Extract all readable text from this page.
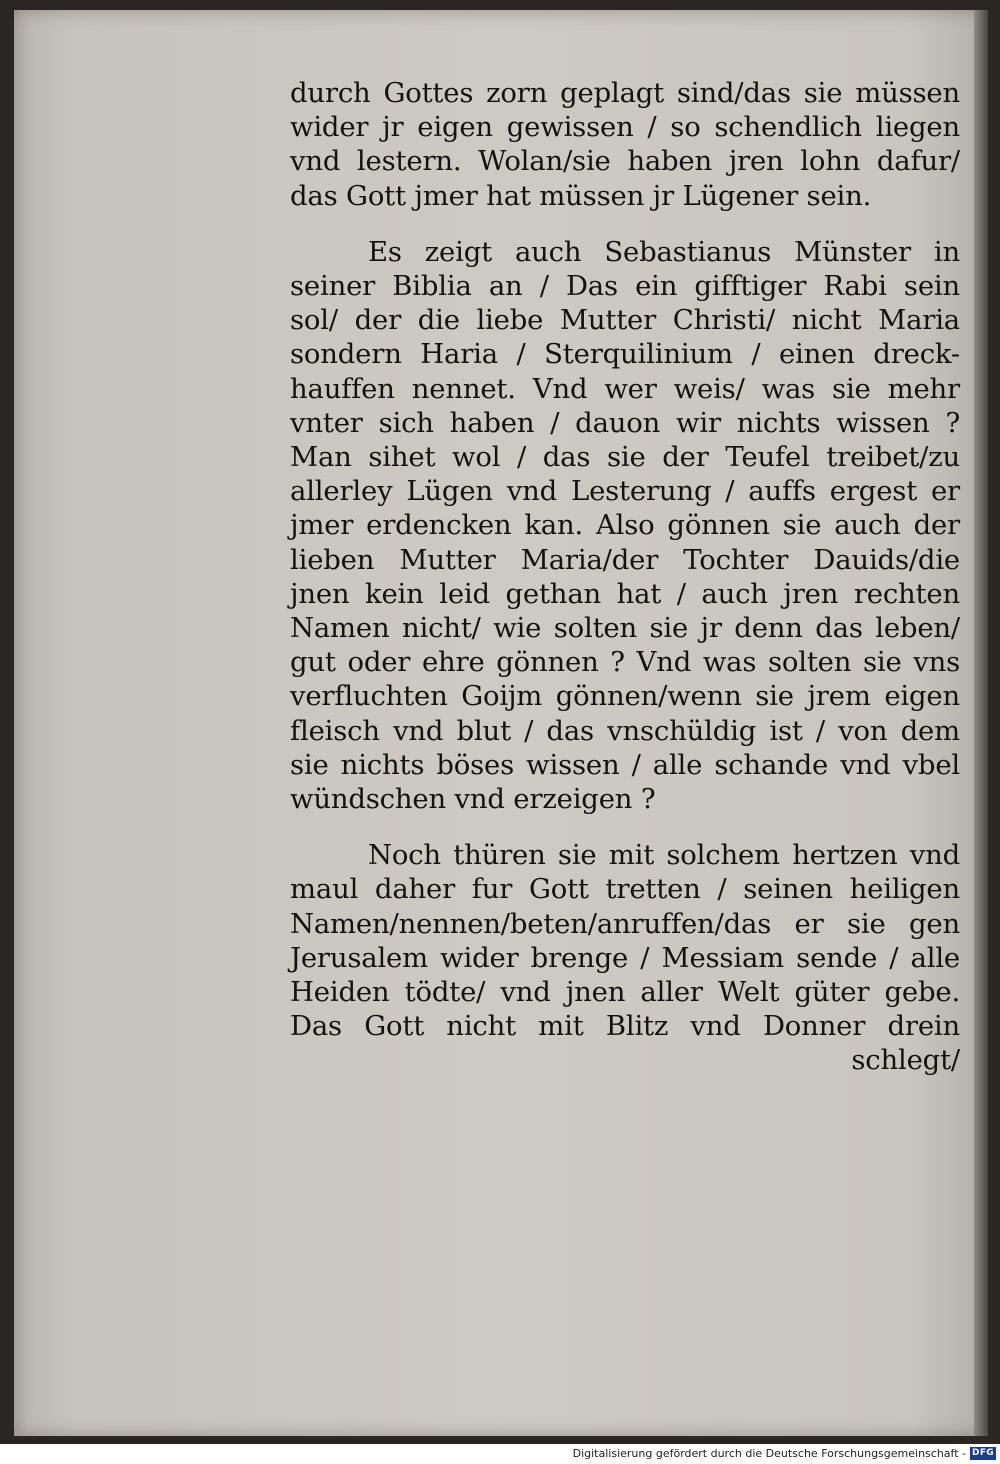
durch Gottes zorn geplagt sind/das sie müssen
wider jr eigen gewissen / so schendlich liegen
vnd lestern. Wolan/sie haben jren lohn dafur/
das Gott jmer hat müssen jr Lügener sein.
Es zeigt auch Sebastianus Münster in
seiner Biblia an / Das ein gifftiger Rabi sein
sol/ der die liebe Mutter Christi/ nicht Maria
sondern Haria / Sterquilinium / einen dreck-
hauffen nennet. Vnd wer weis/ was sie mehr
vnter sich haben / dauon wir nichts wissen ?
Man sihet wol / das sie der Teufel treibet/zu
allerley Lügen vnd Lesterung / auffs ergest er
jmer erdencken kan. Also gönnen sie auch der
lieben Mutter Maria/der Tochter Dauids/die
jnen kein leid gethan hat / auch jren rechten
Namen nicht/ wie solten sie jr denn das leben/
gut oder ehre gönnen ? Vnd was solten sie vns
verfluchten Goijm gönnen/wenn sie jrem eigen
fleisch vnd blut / das vnschüldig ist / von dem
sie nichts böses wissen / alle schande vnd vbel
wündschen vnd erzeigen ?
Noch thüren sie mit solchem hertzen vnd
maul daher fur Gott tretten / seinen heiligen
Namen/nennen/beten/anruffen/das er sie gen
Jerusalem wider brenge / Messiam sende / alle
Heiden tödte/ vnd jnen aller Welt güter gebe.
Das Gott nicht mit Blitz vnd Donner drein
schlegt/
Digitalisierung gefördert durch die Deutsche Forschungsgemeinschaft - DFG
